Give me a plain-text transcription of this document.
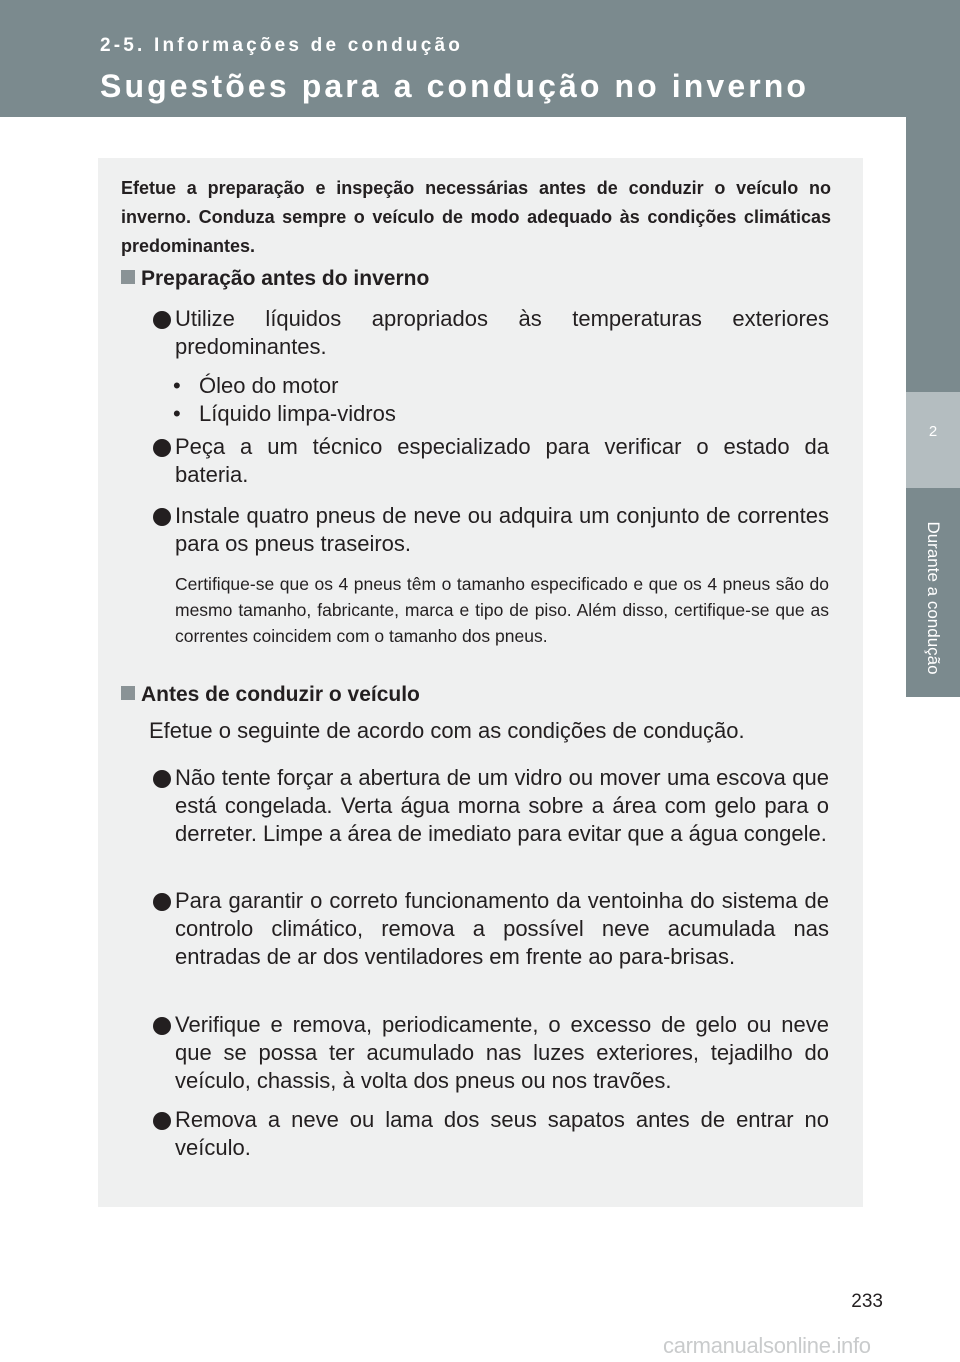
2-5. Informações de condução
Sugestões para a condução no inverno
2
Durante a condução

Efetue a preparação e inspeção necessárias antes de conduzir o veículo no inverno. Conduza sempre o veículo de modo adequado às condições climáticas predominantes.

Preparação antes do inverno

Utilize líquidos apropriados às temperaturas exteriores predominantes.

• Óleo do motor
• Líquido limpa-vidros

Peça a um técnico especializado para verificar o estado da bateria.

Instale quatro pneus de neve ou adquira um conjunto de correntes para os pneus traseiros.

Certifique-se que os 4 pneus têm o tamanho especificado e que os 4 pneus são do mesmo tamanho, fabricante, marca e tipo de piso. Além disso, certifique-se que as correntes coincidem com o tamanho dos pneus.

Antes de conduzir o veículo
Efetue o seguinte de acordo com as condições de condução.

Não tente forçar a abertura de um vidro ou mover uma escova que está congelada. Verta água morna sobre a área com gelo para o derreter. Limpe a área de imediato para evitar que a água congele.

Para garantir o correto funcionamento da ventoinha do sistema de controlo climático, remova a possível neve acumulada nas entradas de ar dos ventiladores em frente ao para-brisas.

Verifique e remova, periodicamente, o excesso de gelo ou neve que se possa ter acumulado nas luzes exteriores, tejadilho do veículo, chassis, à volta dos pneus ou nos travões.

Remova a neve ou lama dos seus sapatos antes de entrar no veículo.

233
carmanualsonline.info
